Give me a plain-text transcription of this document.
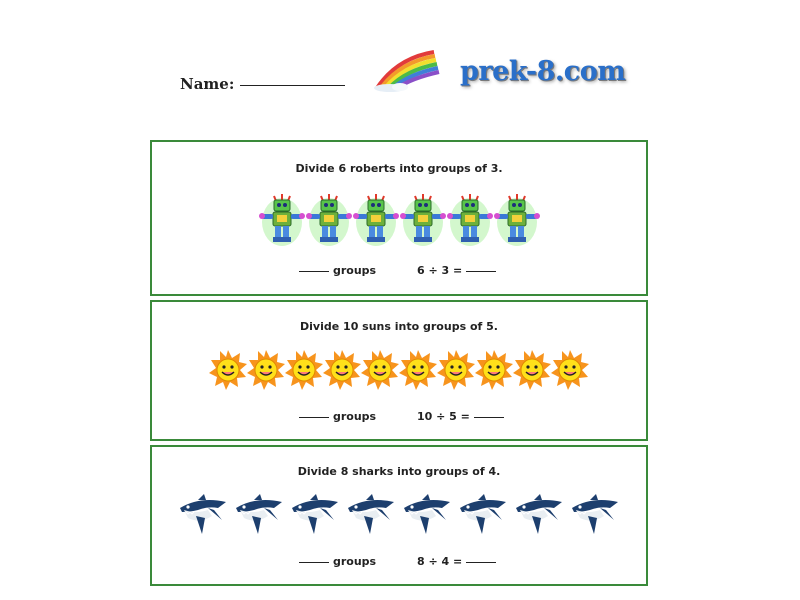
Name:	prek-8.com
Divide 6 roberts into groups of 3.
groups	6 ÷ 3 =
Divide 10 suns into groups of 5.
groups	10 ÷ 5 =
Divide 8 sharks into groups of 4.
groups	8 ÷ 4 =
